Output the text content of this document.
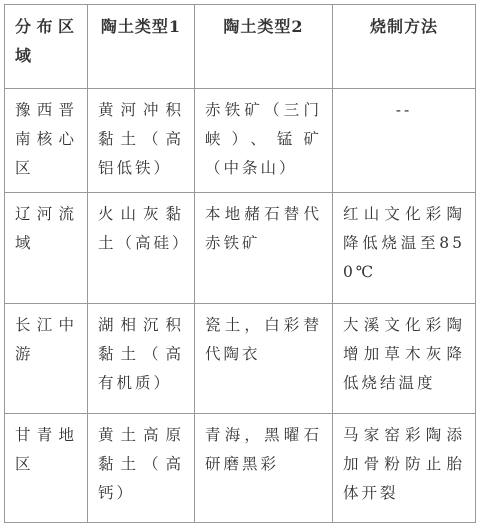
分布区域	陶土类型1	陶土类型2	烧制方法
豫西晋南核心区	黄河冲积黏土（高铝低铁）	赤铁矿（三门峡）、锰矿（中条山）	--
辽河流域	火山灰黏土（高硅）	本地赭石替代赤铁矿	红山文化彩陶降低烧温至850℃
长江中游	湖相沉积黏土（高有机质）	瓷土，白彩替代陶衣	大溪文化彩陶增加草木灰降低烧结温度
甘青地区	黄土高原黏土（高钙）	青海，黑曜石研磨黑彩	马家窑彩陶添加骨粉防止胎体开裂
